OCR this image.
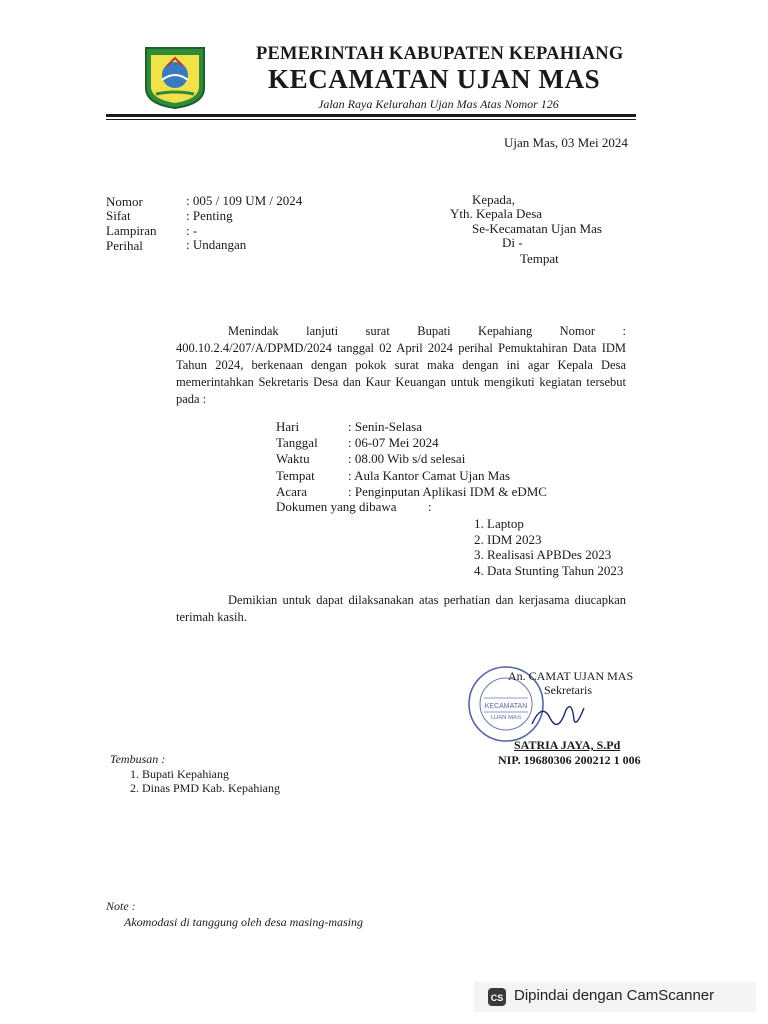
PEMERINTAH KABUPATEN KEPAHIANG
KECAMATAN UJAN MAS
Jalan Raya Kelurahan Ujan Mas Atas Nomor 126
Ujan Mas, 03 Mei 2024
Nomor	: 005 / 109 UM / 2024
Sifat	: Penting
Lampiran : -
Perihal	: Undangan
Kepada,
Yth. Kepala Desa
Se-Kecamatan Ujan Mas
Di -
Tempat
Menindak lanjuti surat Bupati Kepahiang Nomor : 400.10.2.4/207/A/DPMD/2024 tanggal 02 April 2024 perihal Pemuktahiran Data IDM Tahun 2024, berkenaan dengan pokok surat maka dengan ini agar Kepala Desa memerintahkan Sekretaris Desa dan Kaur Keuangan untuk mengikuti kegiatan tersebut pada :
Hari	: Senin-Selasa
Tanggal : 06-07 Mei 2024
Waktu	: 08.00 Wib s/d selesai
Tempat	: Aula Kantor Camat Ujan Mas
Acara	: Penginputan Aplikasi IDM & eDMC
Dokumen yang dibawa :
1. Laptop
2. IDM 2023
3. Realisasi APBDes 2023
4. Data Stunting Tahun 2023
Demikian untuk dapat dilaksanakan atas perhatian dan kerjasama diucapkan terimah kasih.
KECAMATAN
UJAN MAS
An. CAMAT UJAN MAS
Sekretaris
SATRIA JAYA, S.Pd
NIP. 19680306 200212 1 006
Tembusan :
1. Bupati Kepahiang
2. Dinas PMD Kab. Kepahiang
Note :
Akomodasi di tanggung oleh desa masing-masing
CS Dipindai dengan CamScanner
